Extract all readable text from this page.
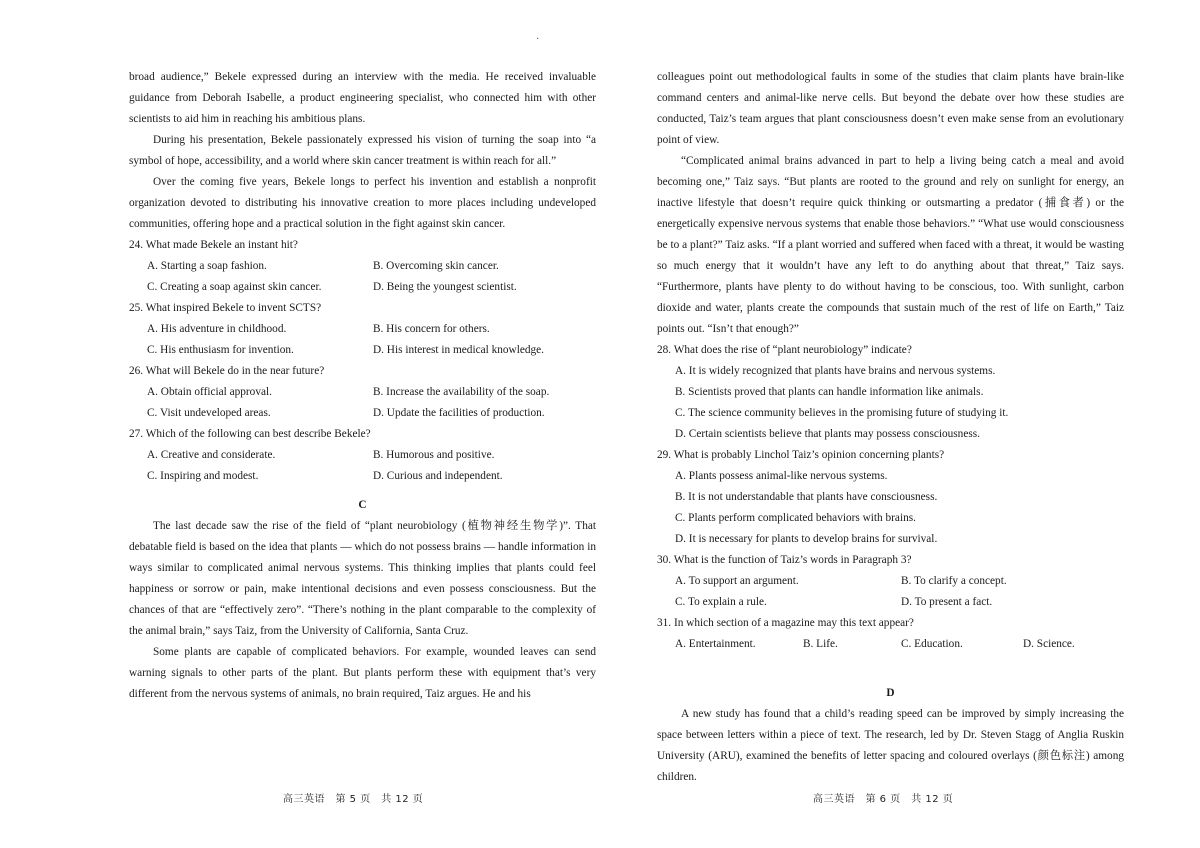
·

broad audience,” Bekele expressed during an interview with the media. He received invaluable guidance from Deborah Isabelle, a product engineering specialist, who connected him with other scientists to aid him in reaching his ambitious plans.

During his presentation, Bekele passionately expressed his vision of turning the soap into “a symbol of hope, accessibility, and a world where skin cancer treatment is within reach for all.”

Over the coming five years, Bekele longs to perfect his invention and establish a nonprofit organization devoted to distributing his innovative creation to more places including undeveloped communities, offering hope and a practical solution in the fight against skin cancer.

24. What made Bekele an instant hit?

A. Starting a soap fashion.	B. Overcoming skin cancer.
C. Creating a soap against skin cancer.	D. Being the youngest scientist.

25. What inspired Bekele to invent SCTS?

A. His adventure in childhood.	B. His concern for others.
C. His enthusiasm for invention.	D. His interest in medical knowledge.

26. What will Bekele do in the near future?

A. Obtain official approval.	B. Increase the availability of the soap.
C. Visit undeveloped areas.	D. Update the facilities of production.

27. Which of the following can best describe Bekele?

A. Creative and considerate.	B. Humorous and positive.
C. Inspiring and modest.	D. Curious and independent.

C

The last decade saw the rise of the field of “plant neurobiology (植物神经生物学)”. That debatable field is based on the idea that plants — which do not possess brains — handle information in ways similar to complicated animal nervous systems. This thinking implies that plants could feel happiness or sorrow or pain, make intentional decisions and even possess consciousness. But the chances of that are “effectively zero”. “There’s nothing in the plant comparable to the complexity of the animal brain,” says Taiz, from the University of California, Santa Cruz.

Some plants are capable of complicated behaviors. For example, wounded leaves can send warning signals to other parts of the plant. But plants perform these with equipment that’s very different from the nervous systems of animals, no brain required, Taiz argues. He and his

高三英语　第 5 页　共 12 页

colleagues point out methodological faults in some of the studies that claim plants have brain-like command centers and animal-like nerve cells. But beyond the debate over how these studies are conducted, Taiz’s team argues that plant consciousness doesn’t even make sense from an evolutionary point of view.

“Complicated animal brains advanced in part to help a living being catch a meal and avoid becoming one,” Taiz says. “But plants are rooted to the ground and rely on sunlight for energy, an inactive lifestyle that doesn’t require quick thinking or outsmarting a predator (捕食者) or the energetically expensive nervous systems that enable those behaviors.” “What use would consciousness be to a plant?” Taiz asks. “If a plant worried and suffered when faced with a threat, it would be wasting so much energy that it wouldn’t have any left to do anything about that threat,” Taiz says. “Furthermore, plants have plenty to do without having to be conscious, too. With sunlight, carbon dioxide and water, plants create the compounds that sustain much of the rest of life on Earth,” Taiz points out. “Isn’t that enough?”

28. What does the rise of “plant neurobiology” indicate?

A. It is widely recognized that plants have brains and nervous systems.
B. Scientists proved that plants can handle information like animals.
C. The science community believes in the promising future of studying it.
D. Certain scientists believe that plants may possess consciousness.

29. What is probably Linchol Taiz’s opinion concerning plants?

A. Plants possess animal-like nervous systems.
B. It is not understandable that plants have consciousness.
C. Plants perform complicated behaviors with brains.
D. It is necessary for plants to develop brains for survival.

30. What is the function of Taiz’s words in Paragraph 3?

A. To support an argument.	B. To clarify a concept.
C. To explain a rule.	D. To present a fact.

31. In which section of a magazine may this text appear?

A. Entertainment.	B. Life.	C. Education.	D. Science.

D

A new study has found that a child’s reading speed can be improved by simply increasing the space between letters within a piece of text. The research, led by Dr. Steven Stagg of Anglia Ruskin University (ARU), examined the benefits of letter spacing and coloured overlays (颜色标注) among children.

高三英语　第 6 页　共 12 页
